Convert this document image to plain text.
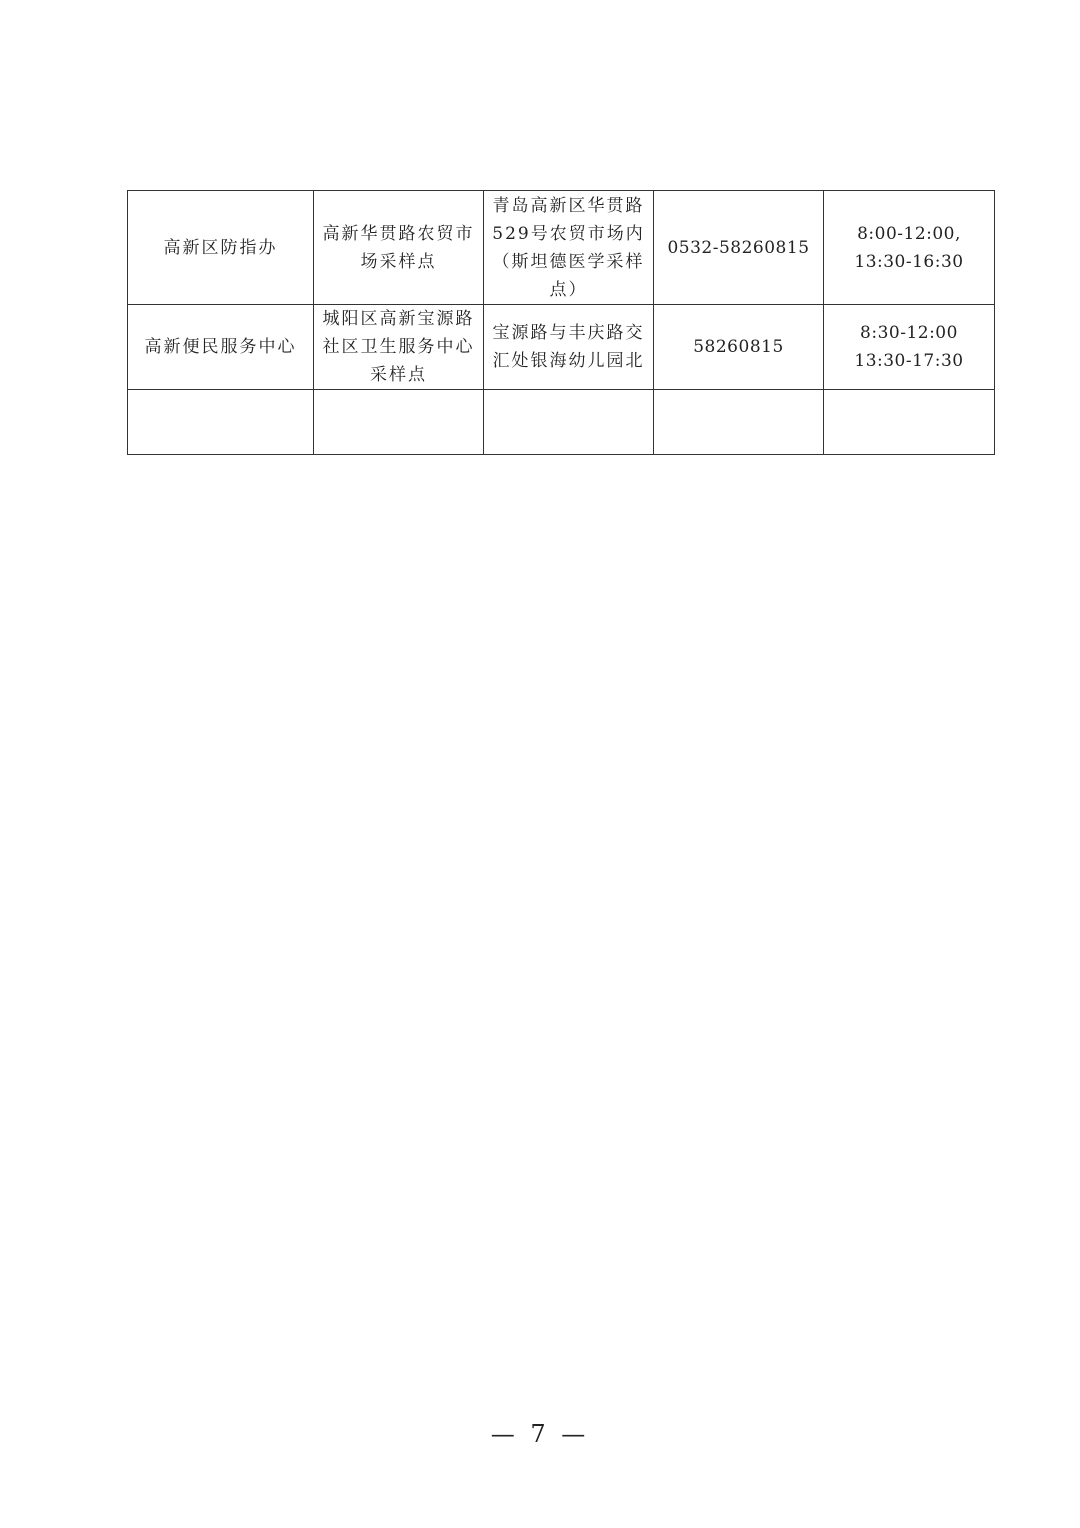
高新区防指办	高新华贯路农贸市场采样点	青岛高新区华贯路529号农贸市场内（斯坦德医学采样点）	0532-58260815	8:00-12:00,
13:30-16:30

高新便民服务中心	城阳区高新宝源路社区卫生服务中心采样点	宝源路与丰庆路交汇处银海幼儿园北	58260815	8:30-12:00
13:30-17:30

— 7 —
